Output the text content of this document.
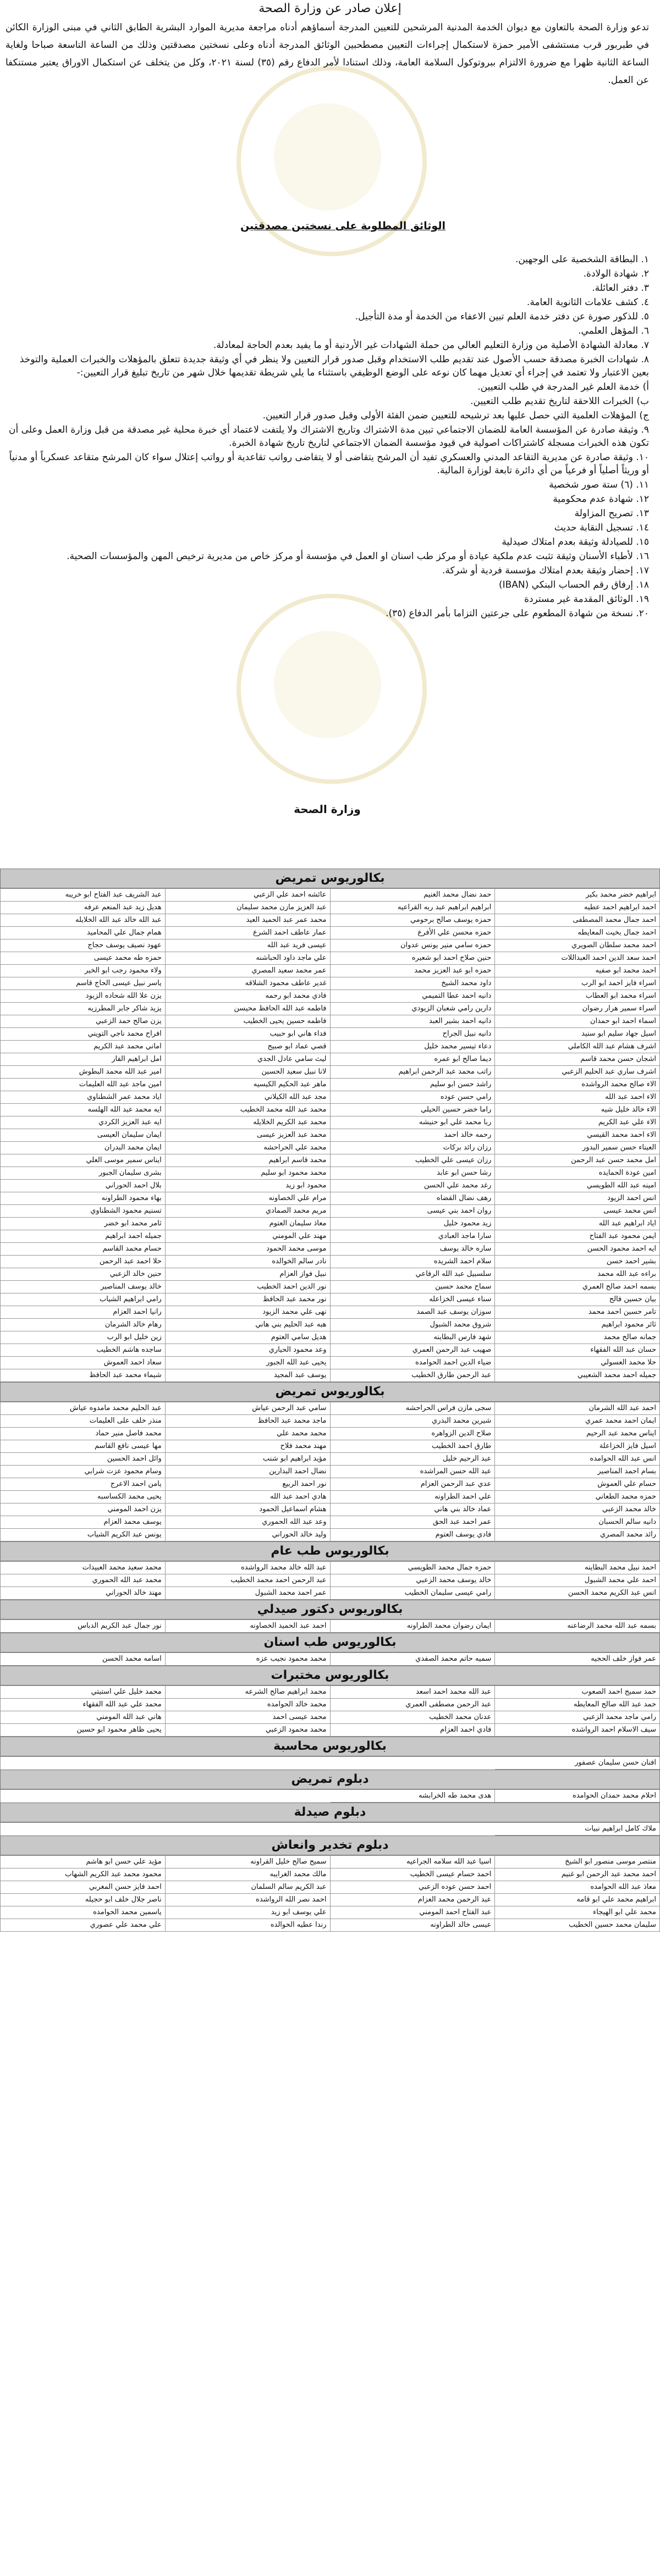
إعلان صادر عن وزارة الصحة

تدعو وزارة الصحة بالتعاون مع ديوان الخدمة المدنية المرشحين للتعيين المدرجة أسماؤهم أدناه مراجعة مديرية الموارد البشرية الطابق الثاني في مبنى الوزارة الكائن في طبربور قرب مستشفى الأمير حمزة لاستكمال إجراءات التعيين مصطحبين الوثائق المدرجة أدناه وعلى نسختين مصدقتين وذلك من الساعة التاسعة صباحا ولغاية الساعة الثانية ظهرا مع ضرورة الالتزام ببروتوكول السلامة العامة، وذلك استنادا لأمر الدفاع رقم (٣٥) لسنة ٢٠٢١، وكل من يتخلف عن استكمال الاوراق يعتبر مستنكفا عن العمل.

الوثائق المطلوبة على نسختين مصدقتين
١. البطاقة الشخصية على الوجهين.
٢. شهادة الولادة.
٣. دفتر العائلة.
٤. كشف علامات الثانوية العامة.
٥. للذكور صورة عن دفتر خدمة العلم تبين الاعفاء من الخدمة أو مدة التأجيل.
٦. المؤهل العلمي.
٧. معادلة الشهادة الأصلية من وزارة التعليم العالي من حملة الشهادات غير الأردنية أو ما يفيد بعدم الحاجة لمعادلة.
٨. شهادات الخبرة مصدقة حسب الأصول عند تقديم طلب الاستخدام وقبل صدور قرار التعيين ولا ينظر في أي وثيقة جديدة تتعلق بالمؤهلات والخبرات العملية والتوخذ بعين الاعتبار ولا تعتمد في إجراء أي تعديل مهما كان نوعه على الوضع الوظيفي باستثناء ما يلي شريطة تقديمها خلال شهر من تاريخ تبليغ قرار التعيين:-
أ) خدمة العلم غير المدرجة في طلب التعيين.
ب) الخبرات اللاحقة لتاريخ تقديم طلب التعيين.
ج) المؤهلات العلمية التي حصل عليها بعد ترشيحه للتعيين ضمن الفئة الأولى وقبل صدور قرار التعيين.
٩. وثيقة صادرة عن المؤسسة العامة للضمان الاجتماعي تبين مدة الاشتراك وتاريخ الاشتراك ولا يلتفت لاعتماد أي خبرة محلية غير مصدقة من قبل وزارة العمل وعلى أن تكون هذه الخبرات مسجلة كاشتراكات اصولية في قيود مؤسسة الضمان الاجتماعي لتاريخ تاريخ شهادة الخبرة.
١٠. وثيقة صادرة عن مديرية التقاعد المدني والعسكري تفيد أن المرشح يتقاضى أو لا يتقاضى رواتب تقاعدية أو رواتب إعتلال سواء كان المرشح متقاعد عسكرياً أو مدنياً أو وريثاً أصلياً أو فرعياً من أي دائرة تابعة لوزارة المالية.
١١. (٦) ستة صور شخصية
١٢. شهادة عدم محكومية
١٣. تصريح المزاولة
١٤. تسجيل النقابة حديث
١٥. للصيادلة وثيقة بعدم امتلاك صيدلية
١٦. لأطباء الأسنان وثيقة تثبت عدم ملكية عيادة أو مركز طب اسنان او العمل في مؤسسة أو مركز خاص من مديرية ترخيص المهن والمؤسسات الصحية.
١٧. إحضار وثيقة بعدم امتلاك مؤسسة فردية أو شركة.
١٨. إرفاق رقم الحساب البنكي (IBAN)
١٩. الوثائق المقدمة غير مستردة
٢٠. نسخة من شهادة المطعوم على جرعتين التزاما بأمر الدفاع (٣٥).
وزارة الصحة
بكالوريوس تمريض
ابراهيم خضر محمد بكير
حمد نضال محمد الغنيم
عائشه احمد علي الزعبي
عبد الشريف عبد الفتاح ابو خريبه
احمد ابراهيم احمد عطيه
ابراهيم ابراهيم عبد ربه القراعيه
عبد العزيز مازن محمد سليمان
هديل زيد عبد المنعم عرفه
احمد جمال محمد المصطفى
حمزه يوسف صالح برحومي
محمد عمر عبد الحميد العيد
عبد الله خالد عبد الله الخلايله
احمد جمال بخيت المعايطه
حمزه محسن علي الأفرع
عمار عاطف احمد الشرع
همام جمال علي المحاميد
احمد محمد سلطان الصويري
حمزه سامي منير يونس عدوان
عيسى فريد عبد الله
عهود نصيف يوسف حجاج
احمد سعد الدين احمد العبداللات
حنين صلاح احمد ابو شعيره
علي ماجد داود الحباشنه
حمزه طه محمد عيسى
احمد محمد ابو صفيه
حمزه ابو عبد العزيز محمد
عمر محمد سعيد المصري
ولاء محمود رجب ابو الخير
اسراء فايز احمد ابو الرب
داود محمد الشيخ
غدير عاطف محمود الشلاقه
ياسر نبيل عيسى الحاج قاسم
اسراء محمد ابو العطاب
دانيه احمد عطا التميمي
فادي محمد ابو رحمه
يزن علا الله شحاده الزيود
اسراء سمير هرار رضوان
دارين رامي شعبان الزيودي
فاطمه عبد الله الحافظ محيسن
يزيد شاكر جابر المطرزيه
اسماء احمد ابو حمدان
دانيه احمد بشير العبد
فاطمه حسين يحيى الخطيب
يزن صالح حمد الزعبي
اسيل جهاد سليم ابو سنيد
دانيه نبيل الجراح
فداء هاني ابو حبيب
افراح محمد ناجي التويني
اشرف هشام عبد الله الكاملي
دعاء تيسير محمد خليل
قصي عماد ابو صبيح
اماني محمد عبد الكريم
اشجان حسن محمد قاسم
ديما صالح ابو عمره
ليث سامي عادل الجدي
امل ابراهيم الفار
اشرف ساري عبد الحليم الزعبي
راتب محمد عبد الرحمن ابراهيم
لانا نبيل سعيد الحسين
امير عبد الله محمد البطوش
الاء صالح محمد الرواشده
راشد حسن ابو سليم
ماهر عبد الحكيم الكيسيه
امين ماجد عبد الله العليمات
الاء احمد عبد الله
رامي حسن عوده
مجد عبد الله الكيلاني
اياد محمد عمر الشطناوي
الاء خالد خليل شيه
راما خضر حسين الحيلي
محمد عبد الله محمد الخطيب
ايه محمد عبد الله الهلسه
الاء علي عبد الكريم
ربا محمد علي ابو حنيشه
محمد عبد الكريم الخلايله
ايه عبد العزيز الكردي
الاء احمد محمد القيسي
رحمه خالد احمد
محمد عبد العزيز عيسى
ايمان سليمان العيسى
العيناء حسن سمير البدور
رزان رائد بركات
محمد علي الحراحشه
ايمان محمد البدران
امل محمد حسن عبد الرحمن
رزان عيسى علي الخطيب
محمد قاسم ابراهيم
ايناس سمير موسى العلي
امين عودة الحمايده
رشا حسن ابو عابد
محمد محمود ابو سليم
بشرى سليمان الجبور
امينه عبد الله الطويسي
رغد محمد علي الحسن
محمود ابو زيد
بلال احمد الحوراني
انس احمد الزيود
رهف نضال القضاه
مرام علي الخصاونه
بهاء محمود الطراونه
انس محمد عيسى
روان احمد بني عيسى
مريم محمد الصمادي
تسنيم محمود الشطناوي
اياد ابراهيم عبد الله
زيد محمود خليل
معاذ سليمان العتوم
ثامر محمد ابو خضر
ايمن محمود عبد الفتاح
سارا ماجد العبادي
مهند علي المومني
جميله احمد ابراهيم
ايه احمد محمود الحسن
ساره خالد يوسف
موسى محمد الحمود
حسام محمد القاسم
بشير احمد حسن
سلام احمد الشريده
نادر سالم الخوالده
حلا احمد عبد الرحمن
براءه عبد الله محمد
سلسبيل عبد الله الرفاعي
نبيل فواز العزام
حنين خالد الزعبي
بسمه احمد صالح العمري
سماح محمد حسين
نور الدين احمد الخطيب
خالد يوسف المناصير
بيان حسين فالح
سناء عيسى الخزاعله
نور محمد عبد الحافظ
رامي ابراهيم الشياب
تامر حسين احمد محمد
سوزان يوسف عبد الصمد
نهى علي محمد الزيود
رانيا احمد العزام
ثائر محمود ابراهيم
شروق محمد الشبول
هبه عبد الحليم بني هاني
رهام خالد الشرمان
جمانه صالح محمد
شهد فارس البطاينه
هديل سامي العتوم
زين خليل ابو الرب
حسان عبد الله الفقهاء
صهيب عبد الرحمن العمري
وعد محمود الحياري
ساجده هاشم الخطيب
حلا محمد العسولي
ضياء الدين احمد الحوامده
يحيى عبد الله الجبور
سعاد احمد العموش
جميله احمد محمد الشعيبي
عبد الرحمن طارق الخطيب
يوسف عبد المجيد
شيماء محمد عبد الحافظ
بكالوريوس تمريض
احمد عبد الله الشرمان
سجى مازن فراس الحراحشه
سامي عبد الرحمن عياش
عبد الحليم محمد مامدوه عياش
ايمان احمد محمد عمري
شيرين محمد البدري
ماجد محمد عبد الحافظ
منذر خلف على العليمات
ايناس محمد عبد الرحيم
صلاح الدين الزواهره
محمد محمد علي
محمد فاصل منير حماد
اسيل فايز الخزاعلة
طارق احمد الخطيب
مهند محمد فلاح
مها عيسى نافع القاسم
انس عبد الله الحوامده
عبد الرحيم خليل
مؤيد ابراهيم ابو شنب
وائل احمد الحسين
بسام احمد المناصير
عبد الله حسن المراشده
نضال احمد البدارين
وسام محمود عزت شرابي
حسام علي العموش
عدي عبد الرحمن العزام
نور احمد الربيع
يامن احمد الاعرج
حمزه محمد الطعاني
علي احمد الطراونه
هادي احمد عبد الله
يحيى محمد الكساسبه
خالد محمد الزعبي
عماد خالد بني هاني
هشام اسماعيل الحمود
يزن احمد المومني
دانيه سالم الحسبان
عمر احمد عبد الحق
وعد عبد الله الحموري
يوسف محمد العزام
رائد محمد المصري
فادي يوسف العتوم
وليد خالد الحوراني
يونس عبد الكريم الشياب
بكالوريوس طب عام
احمد نبيل محمد البطاينه
حمزه جمال محمد الطويسي
عبد الله خالد محمد الرواشده
محمد سعيد محمد العبيدات
احمد علي محمد الشبول
خالد يوسف محمد الزعبي
عبد الرحمن احمد محمد الخطيب
محمد عبد الله الحموري
انس عبد الكريم محمد الحسن
رامي عيسى سليمان الخطيب
عمر احمد محمد الشبول
مهند خالد الحوراني
بكالوريوس دكتور صيدلي
بسمه عبد الله محمد الرضاعنه
ايمان رضوان محمد الطراونه
احمد عبد الحميد الخصاونه
نور جمال عبد الكريم الدباس
بكالوريوس طب اسنان
عمر فواز خلف الحجيه
سميه حاتم محمد الصفدي
محمد محمود نجيب عزه
اسامه محمد الحسن
بكالوريوس مختبرات
حمد سميح احمد الصعوب
عبد الله محمد احمد اسعد
محمد ابراهيم صالح الشرعه
محمد خليل علي استيتي
حمد عبد الله صالح المعايطه
عبد الرحمن مصطفى العمري
محمد خالد الحوامده
محمد علي عبد الله الفقهاء
رامي ماجد محمد الزعبي
عدنان محمد الخطيب
محمد عيسى احمد
هاني عبد الله المومني
سيف الاسلام احمد الرواشده
فادي احمد العزام
محمد محمود الزعبي
يحيى ظاهر محمود ابو حسين
بكالوريوس محاسبة
افنان حسن سليمان عصفور
دبلوم تمريض
احلام محمد حمدان الحوامده
هدى محمد طه الخرابشه
دبلوم صيدلة
ملاك كامل ابراهيم نبيات
دبلوم تخدير وانعاش
منتصر موسى منصور ابو الشيخ
اسيا عبد الله سلامه الجراعيه
سميح صالح خليل القراونه
مؤيد علي حسن ابو هاشم
احمد محمد عبد الرحمن ابو غنيم
احمد حسام عيسى الخطيب
مالك محمد الغرايبه
محمود محمد عبد الكريم الشهاب
معاذ عبد الله الحوامده
احمد حسن عوده الزعبي
عبد الكريم سالم السلمان
احمد فايز حسن المغربي
ابراهيم محمد علي ابو قامه
عبد الرحمن محمد العزام
احمد نصر الله الرواشده
ناصر جلال خلف ابو حجيله
محمد علي ابو الهيجاء
عبد الفتاح احمد المومني
علي يوسف ابو زيد
ياسمين محمد الحوامده
سليمان محمد حسين الخطيب
عيسى خالد الطراونه
رندا عطيه الخوالده
علي محمد علي عصوري
